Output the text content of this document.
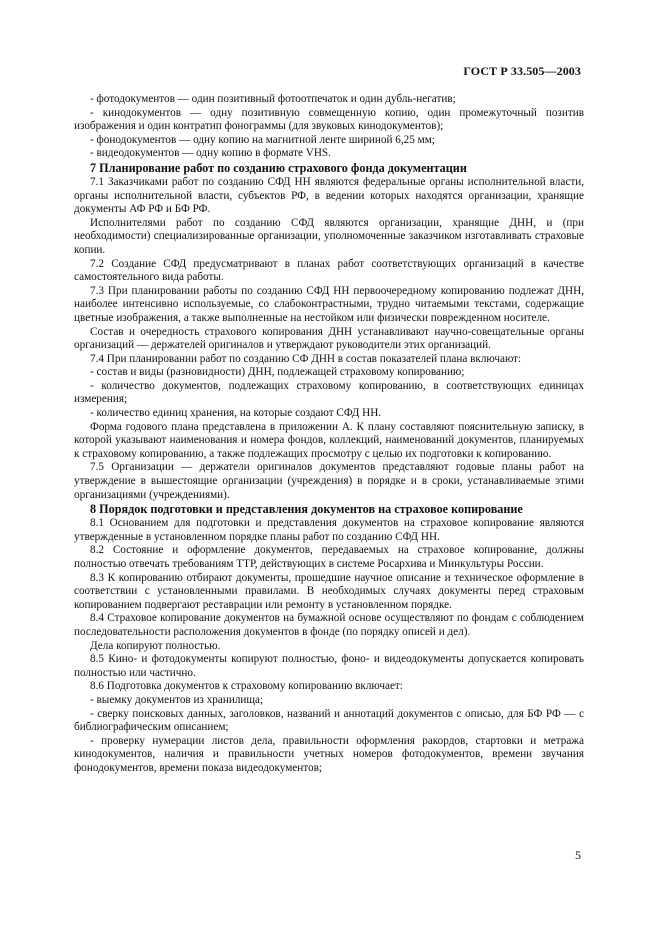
ГОСТ Р 33.505—2003

- фотодокументов — один позитивный фотоотпечаток и один дубль-негатив;

- кинодокументов — одну позитивную совмещенную копию, один промежуточный позитив изображения и один контратип фонограммы (для звуковых кинодокументов);

- фонодокументов — одну копию на магнитной ленте шириной 6,25 мм;

- видеодокументов — одну копию в формате VHS.

7 Планирование работ по созданию страхового фонда документации

7.1 Заказчиками работ по созданию СФД НН являются федеральные органы исполнительной власти, органы исполнительной власти, субъектов РФ, в ведении которых находятся организации, хранящие документы АФ РФ и БФ РФ.

Исполнителями работ по созданию СФД являются организации, хранящие ДНН, и (при необходимости) специализированные организации, уполномоченные заказчиком изготавливать страховые копии.

7.2 Создание СФД предусматривают в планах работ соответствующих организаций в качестве самостоятельного вида работы.

7.3 При планировании работы по созданию СФД НН первоочередному копированию подлежат ДНН, наиболее интенсивно используемые, со слабоконтрастными, трудно читаемыми текстами, содержащие цветные изображения, а также выполненные на нестойком или физически поврежденном носителе.

Состав и очередность страхового копирования ДНН устанавливают научно-совещательные органы организаций — держателей оригиналов и утверждают руководители этих организаций.

7.4 При планировании работ по созданию СФ ДНН в состав показателей плана включают:

- состав и виды (разновидности) ДНН, подлежащей страховому копированию;

- количество документов, подлежащих страховому копированию, в соответствующих единицах измерения;

- количество единиц хранения, на которые создают СФД НН.

Форма годового плана представлена в приложении А. К плану составляют пояснительную записку, в которой указывают наименования и номера фондов, коллекций, наименований документов, планируемых к страховому копированию, а также подлежащих просмотру с целью их подготовки к копированию.

7.5 Организации — держатели оригиналов документов представляют годовые планы работ на утверждение в вышестоящие организации (учреждения) в порядке и в сроки, устанавливаемые этими организациями (учреждениями).

8 Порядок подготовки и представления документов на страховое копирование

8.1 Основанием для подготовки и представления документов на страховое копирование являются утвержденные в установленном порядке планы работ по созданию СФД НН.

8.2 Состояние и оформление документов, передаваемых на страховое копирование, должны полностью отвечать требованиям ТТР, действующих в системе Росархива и Минкультуры России.

8.3 К копированию отбирают документы, прошедшие научное описание и техническое оформление в соответствии с установленными правилами. В необходимых случаях документы перед страховым копированием подвергают реставрации или ремонту в установленном порядке.

8.4 Страховое копирование документов на бумажной основе осуществляют по фондам с соблюдением последовательности расположения документов в фонде (по порядку описей и дел).

Дела копируют полностью.

8.5 Кино- и фотодокументы копируют полностью, фоно- и видеодокументы допускается копировать полностью или частично.

8.6 Подготовка документов к страховому копированию включает:

- выемку документов из хранилища;

- сверку поисковых данных, заголовков, названий и аннотаций документов с описью, для БФ РФ — с библиографическим описанием;

- проверку нумерации листов дела, правильности оформления ракордов, стартовки и метража кинодокументов, наличия и правильности учетных номеров фотодокументов, времени звучания фонодокументов, времени показа видеодокументов;

5
